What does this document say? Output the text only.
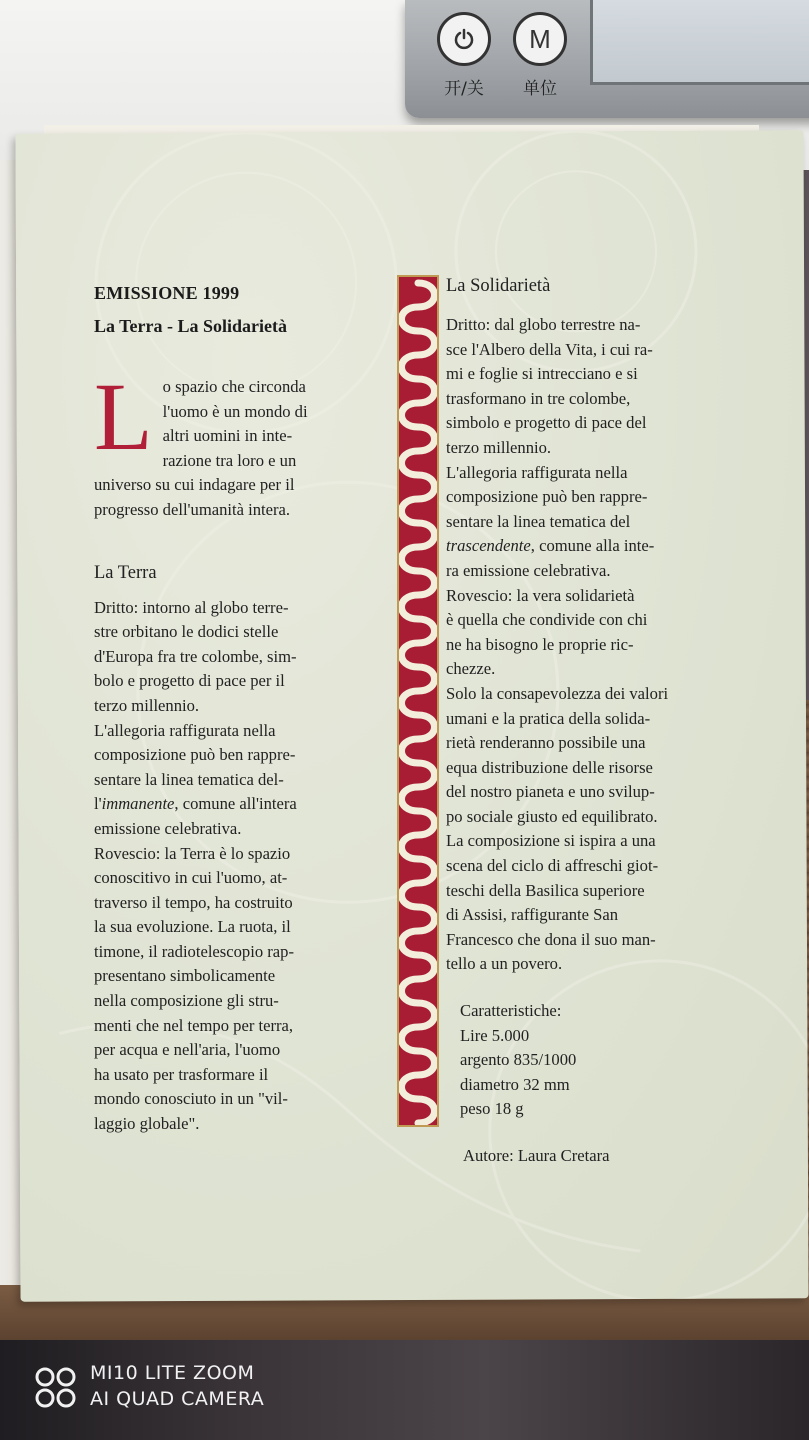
M
开/关	单位
EMISSIONE 1999
La Terra - La Solidarietà
L o spazio che circonda
l'uomo è un mondo di
altri uomini in inte-
razione tra loro e un
universo su cui indagare per il
progresso dell'umanità intera.
La Terra
Dritto: intorno al globo terre-
stre orbitano le dodici stelle
d'Europa fra tre colombe, sim-
bolo e progetto di pace per il
terzo millennio.
L'allegoria raffigurata nella
composizione può ben rappre-
sentare la linea tematica del-
l'immanente, comune all'intera
emissione celebrativa.
Rovescio: la Terra è lo spazio
conoscitivo in cui l'uomo, at-
traverso il tempo, ha costruito
la sua evoluzione. La ruota, il
timone, il radiotelescopio rap-
presentano simbolicamente
nella composizione gli stru-
menti che nel tempo per terra,
per acqua e nell'aria, l'uomo
ha usato per trasformare il
mondo conosciuto in un "vil-
laggio globale".
La Solidarietà
Dritto: dal globo terrestre na-
sce l'Albero della Vita, i cui ra-
mi e foglie si intrecciano e si
trasformano in tre colombe,
simbolo e progetto di pace del
terzo millennio.
L'allegoria raffigurata nella
composizione può ben rappre-
sentare la linea tematica del
trascendente, comune alla inte-
ra emissione celebrativa.
Rovescio: la vera solidarietà
è quella che condivide con chi
ne ha bisogno le proprie ric-
chezze.
Solo la consapevolezza dei valori
umani e la pratica della solida-
rietà renderanno possibile una
equa distribuzione delle risorse
del nostro pianeta e uno svilup-
po sociale giusto ed equilibrato.
La composizione si ispira a una
scena del ciclo di affreschi giot-
teschi della Basilica superiore
di Assisi, raffigurante San
Francesco che dona il suo man-
tello a un povero.
Caratteristiche:
Lire 5.000
argento 835/1000
diametro 32 mm
peso 18 g
Autore: Laura Cretara
MI10 LITE ZOOM
AI QUAD CAMERA
